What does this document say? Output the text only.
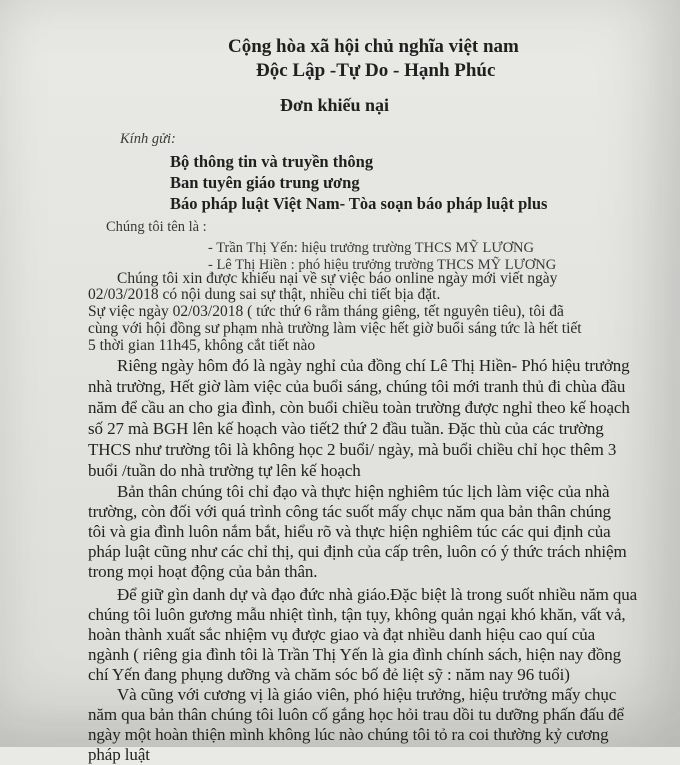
Cộng hòa xã hội chủ nghĩa việt nam
Độc Lập -Tự Do - Hạnh Phúc
Đơn khiếu nại
Kính gửi:
Bộ thông tin và truyền thông
Ban tuyên giáo trung ương
Báo pháp luật Việt Nam- Tòa soạn báo pháp luật plus
Chúng tôi tên là :
- Trần Thị Yến: hiệu trưởng trường THCS MỸ LƯƠNG
- Lê Thị Hiền : phó hiệu trưởng trường THCS MỸ LƯƠNG
Chúng tôi xin được khiếu nại về sự việc báo online ngày mới viết ngày
02/03/2018 có nội dung sai sự thật, nhiều chi tiết bịa đặt.
Sự việc ngày 02/03/2018 ( tức thứ 6 rằm tháng giêng, tết nguyên tiêu), tôi đã
cùng với hội đồng sư phạm nhà trường làm việc hết giờ buổi sáng tức là hết tiết
5 thời gian 11h45, không cắt tiết nào
Riêng ngày hôm đó là ngày nghỉ của đồng chí Lê Thị Hiền- Phó hiệu trưởng
nhà trường, Hết giờ làm việc của buổi sáng, chúng tôi mới tranh thủ đi chùa đầu
năm để cầu an cho gia đình, còn buổi chiều toàn trường được nghỉ theo kế hoạch
số 27 mà BGH lên kế hoạch vào tiết2 thứ 2 đầu tuần. Đặc thù của các trường
THCS như trường tôi là không học 2 buổi/ ngày, mà buổi chiều chỉ học thêm 3
buổi /tuần do nhà trường tự lên kế hoạch
Bản thân chúng tôi chỉ đạo và thực hiện nghiêm túc lịch làm việc của nhà
trường, còn đối với quá trình công tác suốt mấy chục năm qua bản thân chúng
tôi và gia đình luôn nắm bắt, hiểu rõ và thực hiện nghiêm túc các qui định của
pháp luật cũng như các chỉ thị, qui định của cấp trên, luôn có ý thức trách nhiệm
trong mọi hoạt động của bản thân.
Để giữ gìn danh dự và đạo đức nhà giáo.Đặc biệt là trong suốt nhiều năm qua
chúng tôi luôn gương mẫu nhiệt tình, tận tụy, không quản ngại khó khăn, vất vả,
hoàn thành xuất sắc nhiệm vụ được giao và đạt nhiều danh hiệu cao quí của
ngành ( riêng gia đình tôi là Trần Thị Yến là gia đình chính sách, hiện nay đồng
chí Yến đang phụng dưỡng và chăm sóc bố đẻ liệt sỹ : năm nay 96 tuổi)
Và cũng với cương vị là giáo viên, phó hiệu trưởng, hiệu trưởng mấy chục
năm qua bản thân chúng tôi luôn cố gắng học hỏi trau dồi tu dưỡng phấn đấu để
ngày một hoàn thiện mình không lúc nào chúng tôi tỏ ra coi thường kỷ cương
pháp luật
